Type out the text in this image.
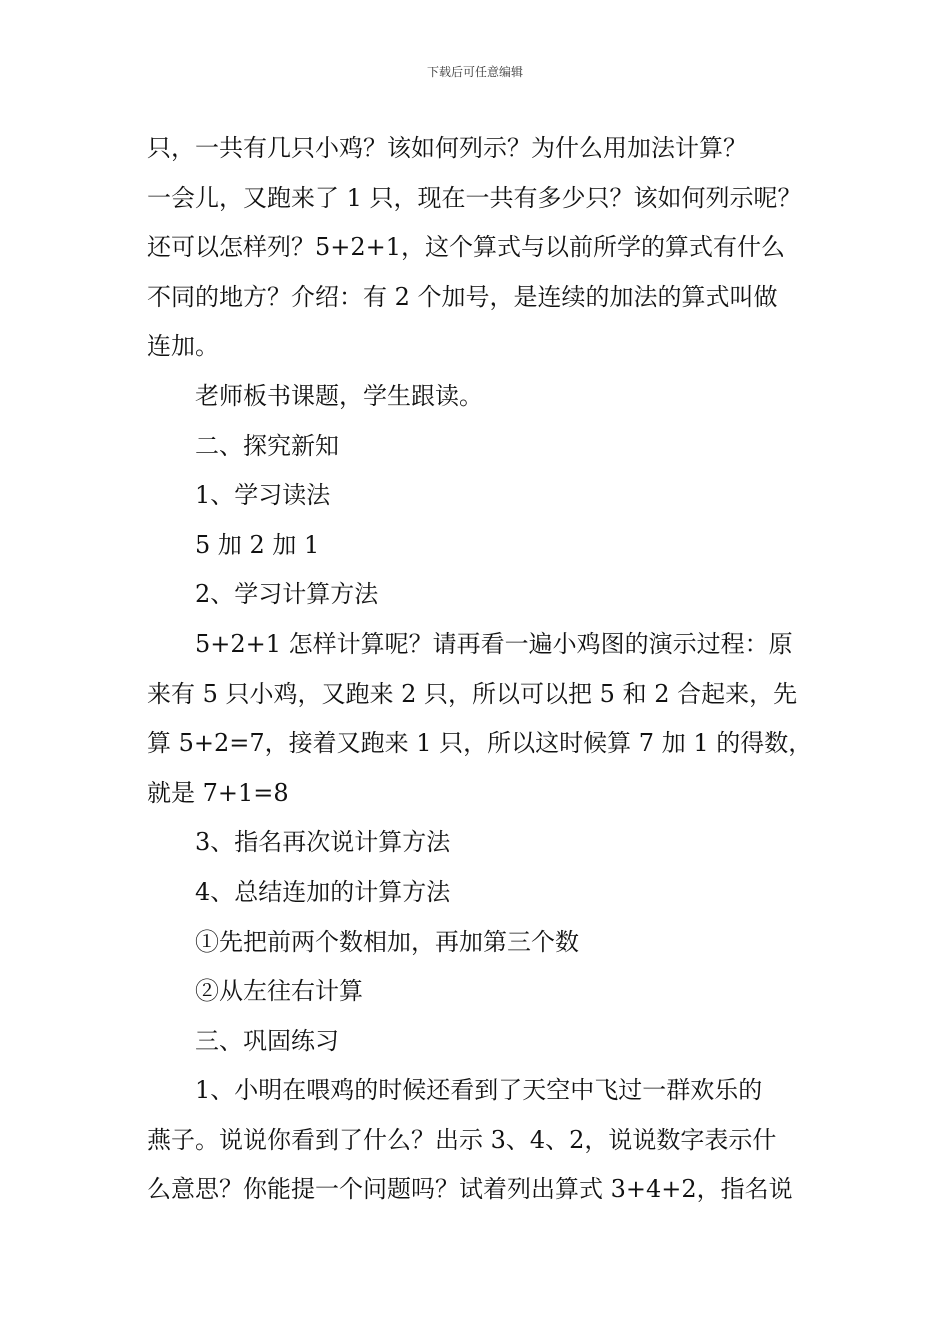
下载后可任意编辑

只，一共有几只小鸡？该如何列示？为什么用加法计算？

一会儿，又跑来了 1 只，现在一共有多少只？该如何列示呢？

还可以怎样列？5+2+1，这个算式与以前所学的算式有什么

不同的地方？介绍：有 2 个加号，是连续的加法的算式叫做

连加。

老师板书课题，学生跟读。

二、探究新知

1、学习读法

5 加 2 加 1

2、学习计算方法

5+2+1 怎样计算呢？请再看一遍小鸡图的演示过程：原

来有 5 只小鸡，又跑来 2 只，所以可以把 5 和 2 合起来，先

算 5+2=7，接着又跑来 1 只，所以这时候算 7 加 1 的得数，

就是 7+1=8

3、指名再次说计算方法

4、总结连加的计算方法

①先把前两个数相加，再加第三个数

②从左往右计算

三、巩固练习

1、小明在喂鸡的时候还看到了天空中飞过一群欢乐的

燕子。说说你看到了什么？出示 3、4、2，说说数字表示什

么意思？你能提一个问题吗？试着列出算式 3+4+2，指名说
